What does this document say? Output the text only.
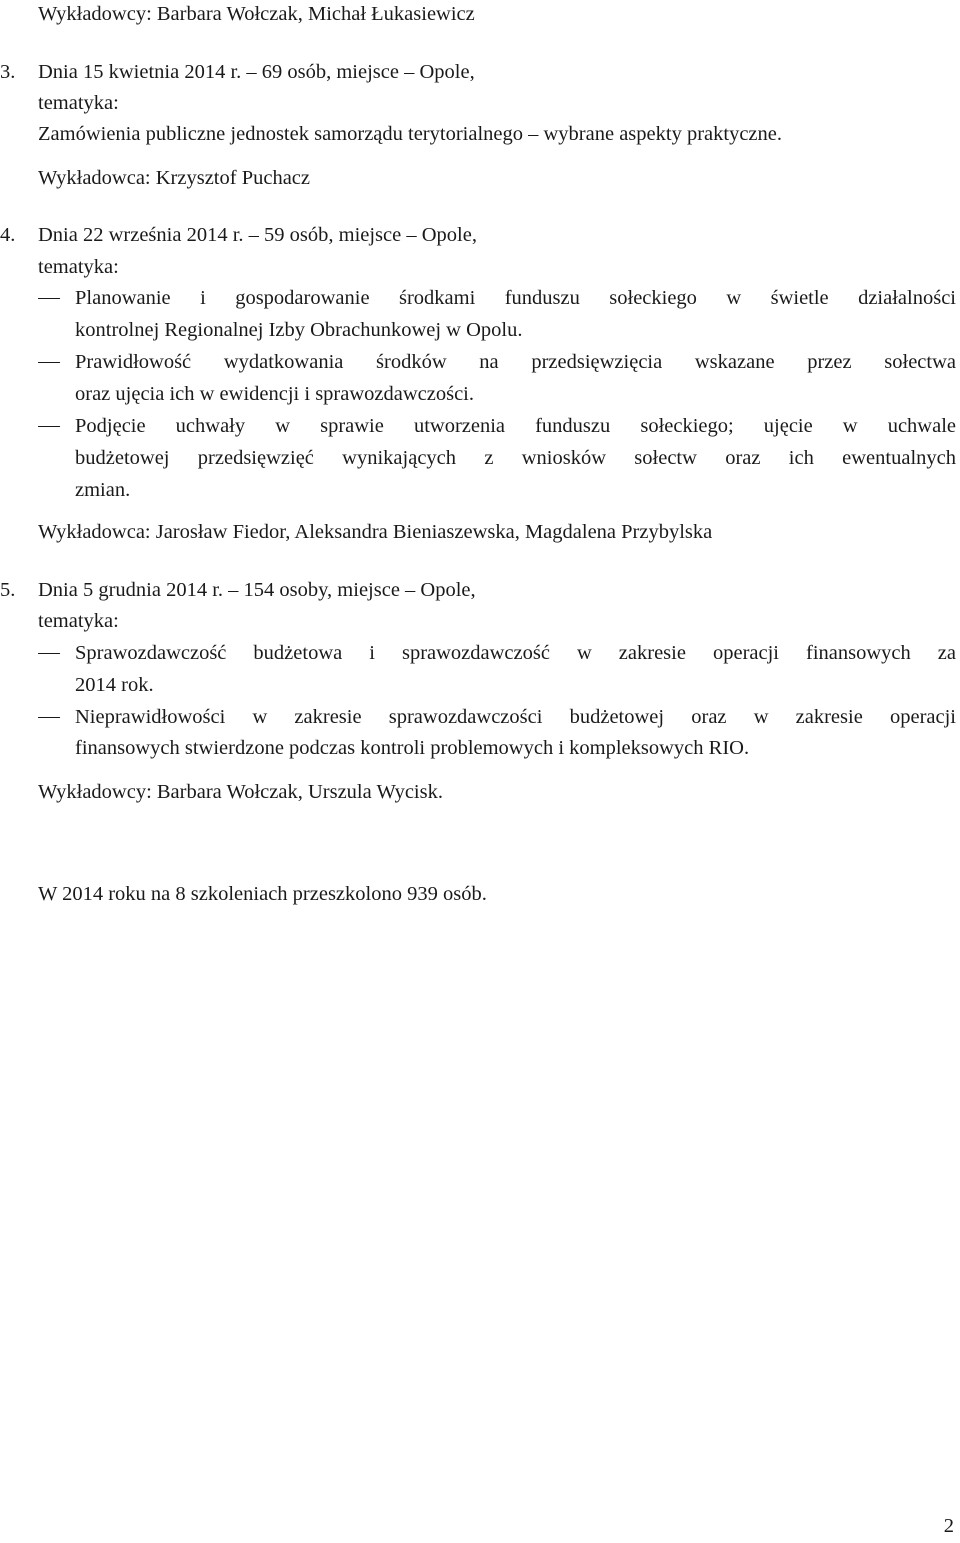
Wykładowcy: Barbara Wołczak, Michał Łukasiewicz
3. Dnia 15 kwietnia 2014 r. – 69 osób, miejsce – Opole,
tematyka:
Zamówienia publiczne jednostek samorządu terytorialnego – wybrane aspekty praktyczne.
Wykładowca: Krzysztof Puchacz
4. Dnia 22 września 2014 r. – 59 osób, miejsce – Opole,
tematyka:
Planowanie i gospodarowanie środkami funduszu sołeckiego w świetle działalności
kontrolnej Regionalnej Izby Obrachunkowej w Opolu.
Prawidłowość wydatkowania środków na przedsięwzięcia wskazane przez sołectwa
oraz ujęcia ich w ewidencji i sprawozdawczości.
Podjęcie uchwały w sprawie utworzenia funduszu sołeckiego; ujęcie w uchwale
budżetowej przedsięwzięć wynikających z wniosków sołectw oraz ich ewentualnych
zmian.
Wykładowca: Jarosław Fiedor, Aleksandra Bieniaszewska, Magdalena Przybylska
5. Dnia 5 grudnia 2014 r. – 154 osoby, miejsce – Opole,
tematyka:
Sprawozdawczość budżetowa i sprawozdawczość w zakresie operacji finansowych za
2014 rok.
Nieprawidłowości w zakresie sprawozdawczości budżetowej oraz w zakresie operacji
finansowych stwierdzone podczas kontroli problemowych i kompleksowych RIO.
Wykładowcy: Barbara Wołczak, Urszula Wycisk.
W 2014 roku na 8 szkoleniach przeszkolono 939 osób.
2
